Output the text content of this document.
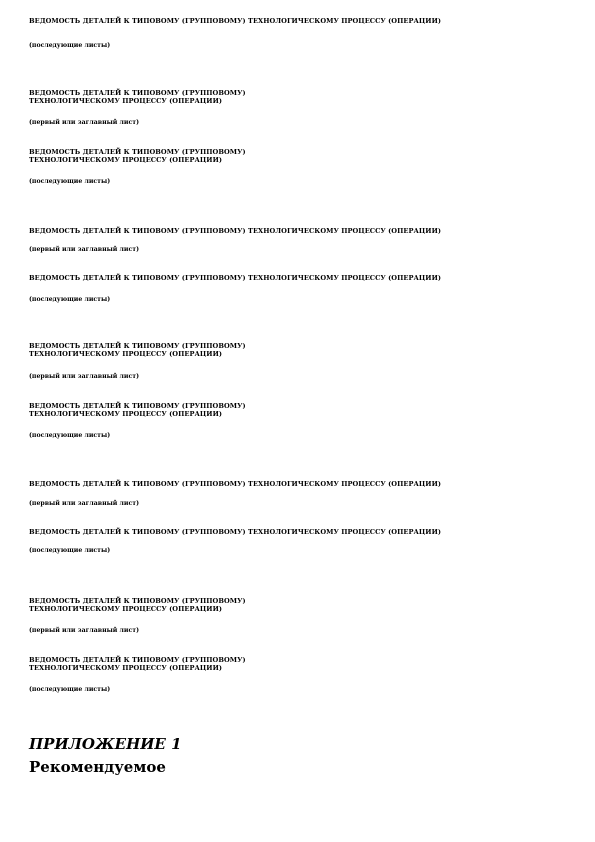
ВЕДОМОСТЬ ДЕТАЛЕЙ К ТИПОВОМУ (ГРУППОВОМУ) ТЕХНОЛОГИЧЕСКОМУ ПРОЦЕССУ (ОПЕРАЦИИ)
(последующие листы)
ВЕДОМОСТЬ ДЕТАЛЕЙ К ТИПОВОМУ (ГРУППОВОМУ)
ТЕХНОЛОГИЧЕСКОМУ ПРОЦЕССУ (ОПЕРАЦИИ)
(первый или заглавный лист)
ВЕДОМОСТЬ ДЕТАЛЕЙ К ТИПОВОМУ (ГРУППОВОМУ)
ТЕХНОЛОГИЧЕСКОМУ ПРОЦЕССУ (ОПЕРАЦИИ)
(последующие листы)
ВЕДОМОСТЬ ДЕТАЛЕЙ К ТИПОВОМУ (ГРУППОВОМУ) ТЕХНОЛОГИЧЕСКОМУ ПРОЦЕССУ (ОПЕРАЦИИ)
(первый или заглавный лист)
ВЕДОМОСТЬ ДЕТАЛЕЙ К ТИПОВОМУ (ГРУППОВОМУ) ТЕХНОЛОГИЧЕСКОМУ ПРОЦЕССУ (ОПЕРАЦИИ)
(последующие листы)
ВЕДОМОСТЬ ДЕТАЛЕЙ К ТИПОВОМУ (ГРУППОВОМУ)
ТЕХНОЛОГИЧЕСКОМУ ПРОЦЕССУ (ОПЕРАЦИИ)
(первый или заглавный лист)
ВЕДОМОСТЬ ДЕТАЛЕЙ К ТИПОВОМУ (ГРУППОВОМУ)
ТЕХНОЛОГИЧЕСКОМУ ПРОЦЕССУ (ОПЕРАЦИИ)
(последующие листы)
ВЕДОМОСТЬ ДЕТАЛЕЙ К ТИПОВОМУ (ГРУППОВОМУ) ТЕХНОЛОГИЧЕСКОМУ ПРОЦЕССУ (ОПЕРАЦИИ)
(первый или заглавный лист)
ВЕДОМОСТЬ ДЕТАЛЕЙ К ТИПОВОМУ (ГРУППОВОМУ) ТЕХНОЛОГИЧЕСКОМУ ПРОЦЕССУ (ОПЕРАЦИИ)
(последующие листы)
ВЕДОМОСТЬ ДЕТАЛЕЙ К ТИПОВОМУ (ГРУППОВОМУ)
ТЕХНОЛОГИЧЕСКОМУ ПРОЦЕССУ (ОПЕРАЦИИ)
(первый или заглавный лист)
ВЕДОМОСТЬ ДЕТАЛЕЙ К ТИПОВОМУ (ГРУППОВОМУ)
ТЕХНОЛОГИЧЕСКОМУ ПРОЦЕССУ (ОПЕРАЦИИ)
(последующие листы)
ПРИЛОЖЕНИЕ 1
Рекомендуемое
